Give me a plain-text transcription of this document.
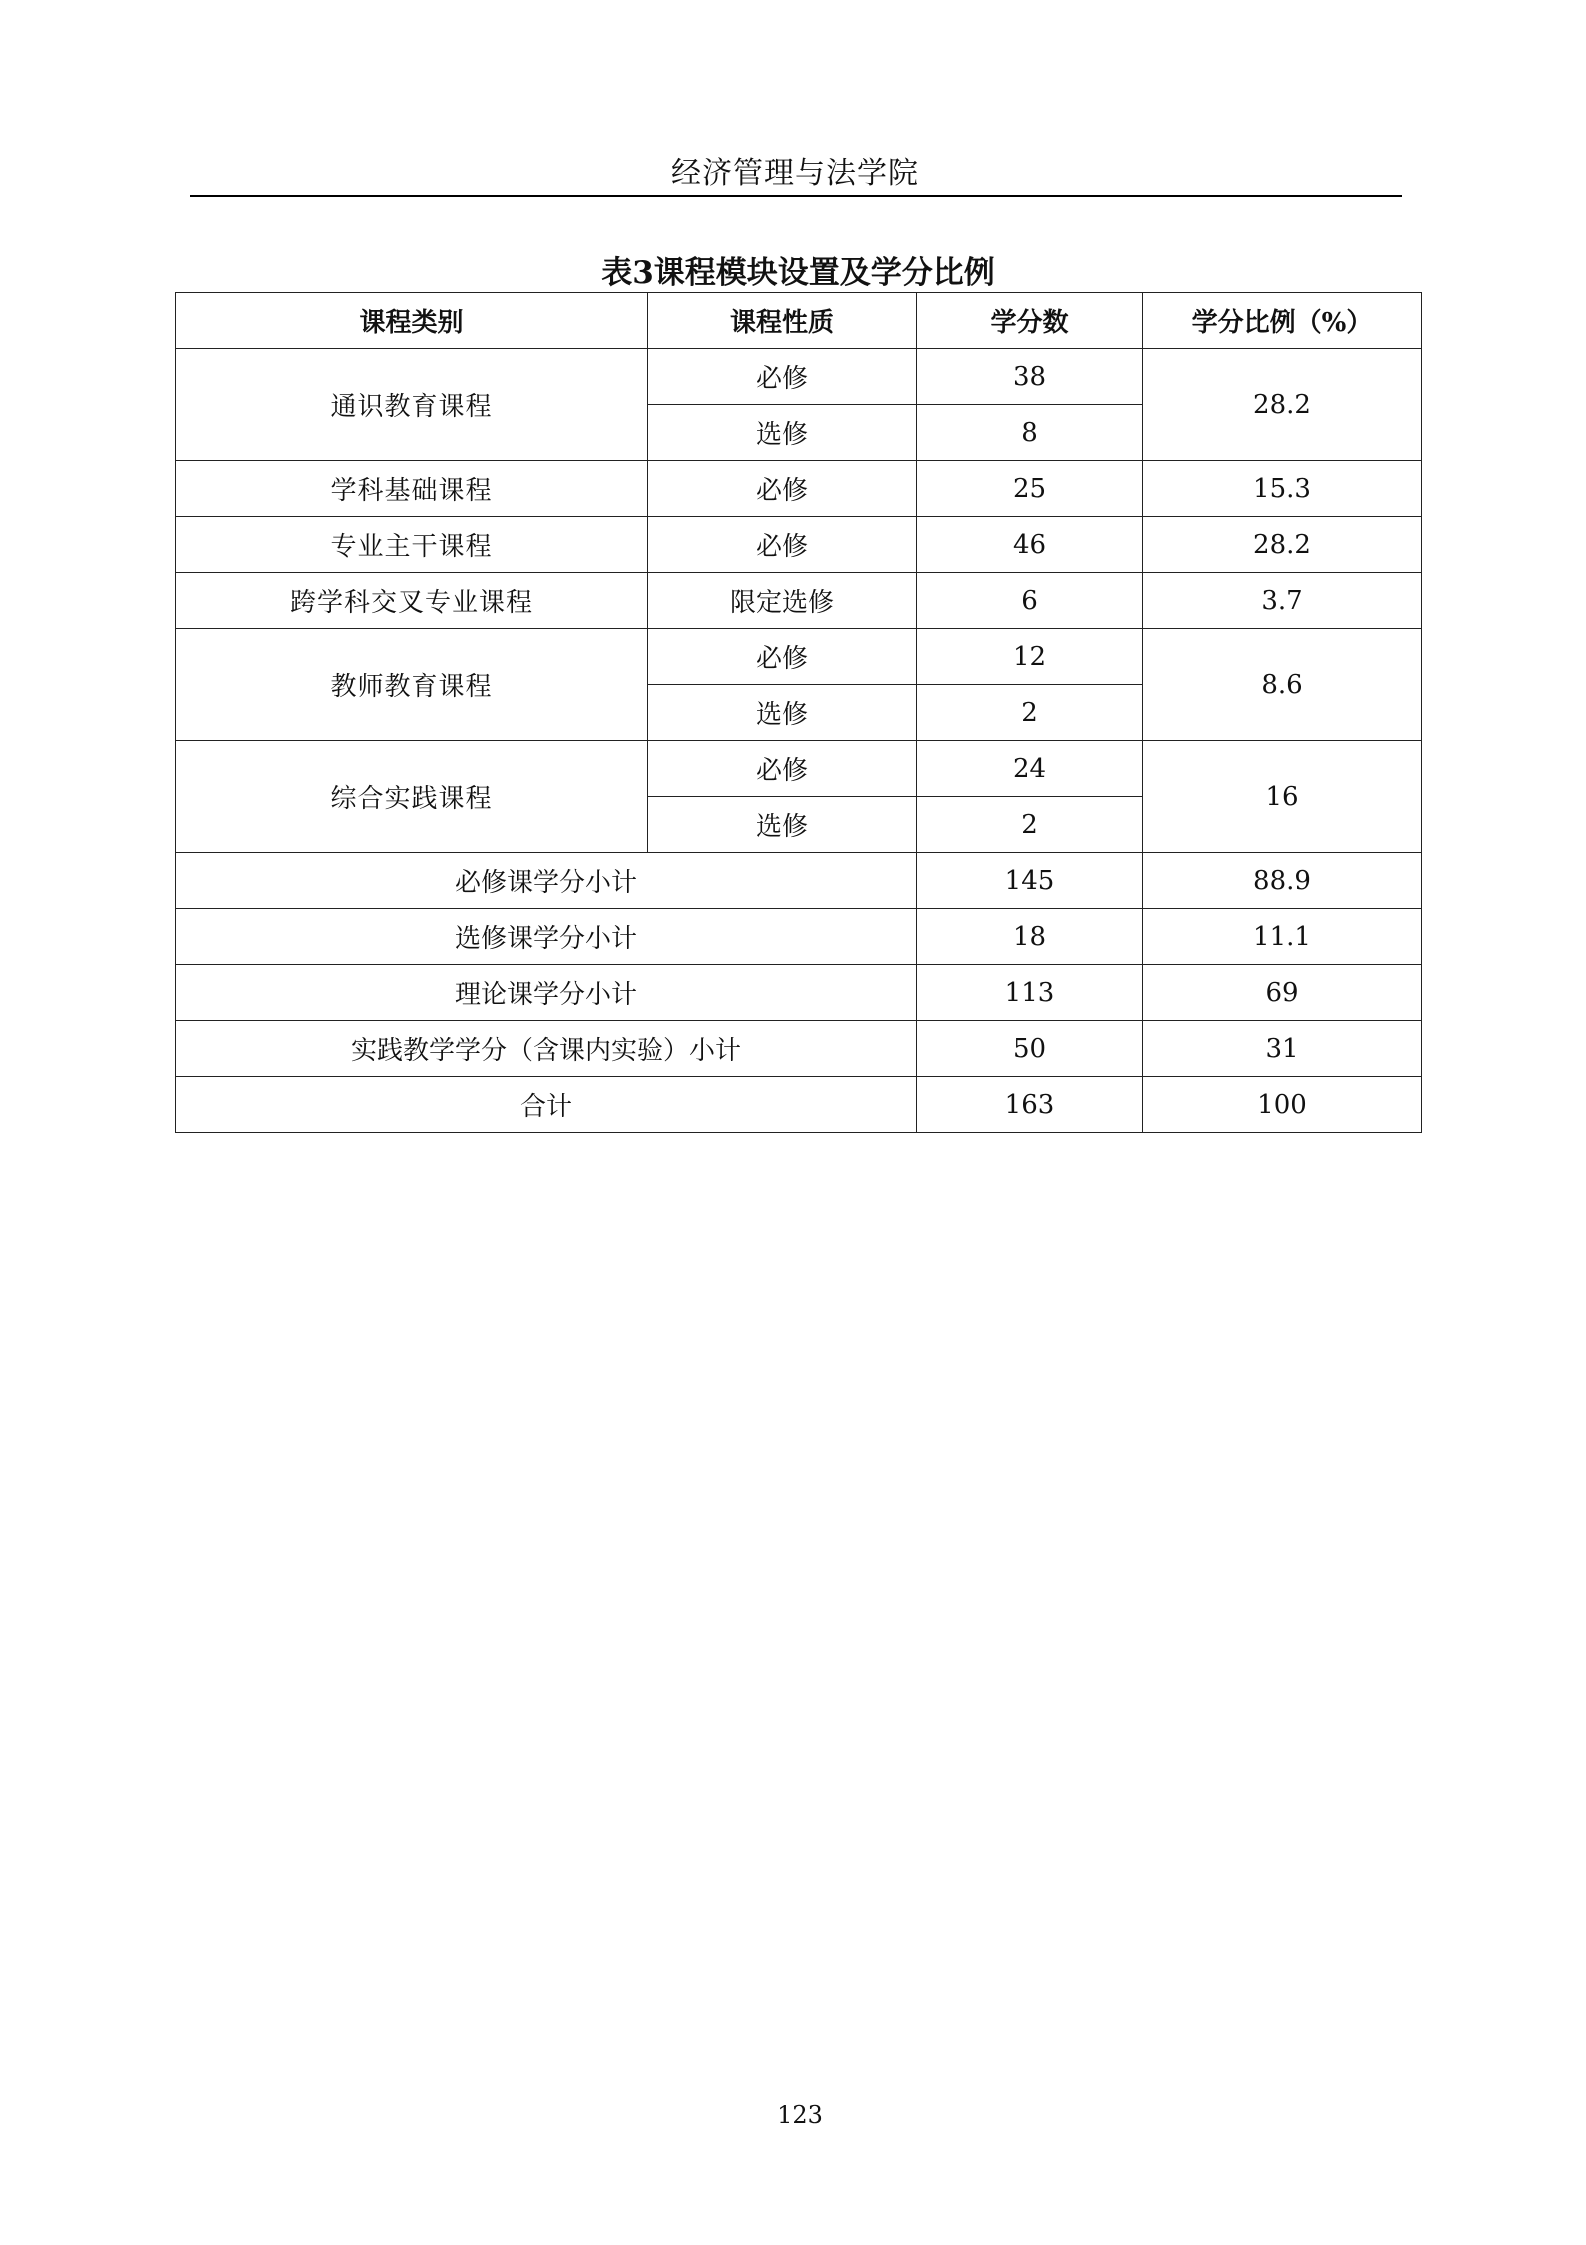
经济管理与法学院
表3课程模块设置及学分比例
课程类别	课程性质	学分数	学分比例（%）
通识教育课程	必修	38	28.2
	选修	8	
学科基础课程	必修	25	15.3
专业主干课程	必修	46	28.2
跨学科交叉专业课程	限定选修	6	3.7
教师教育课程	必修	12	8.6
	选修	2	
综合实践课程	必修	24	16
	选修	2	
必修课学分小计		145	88.9
选修课学分小计		18	11.1
理论课学分小计		113	69
实践教学学分（含课内实验）小计		50	31
合计		163	100
123
